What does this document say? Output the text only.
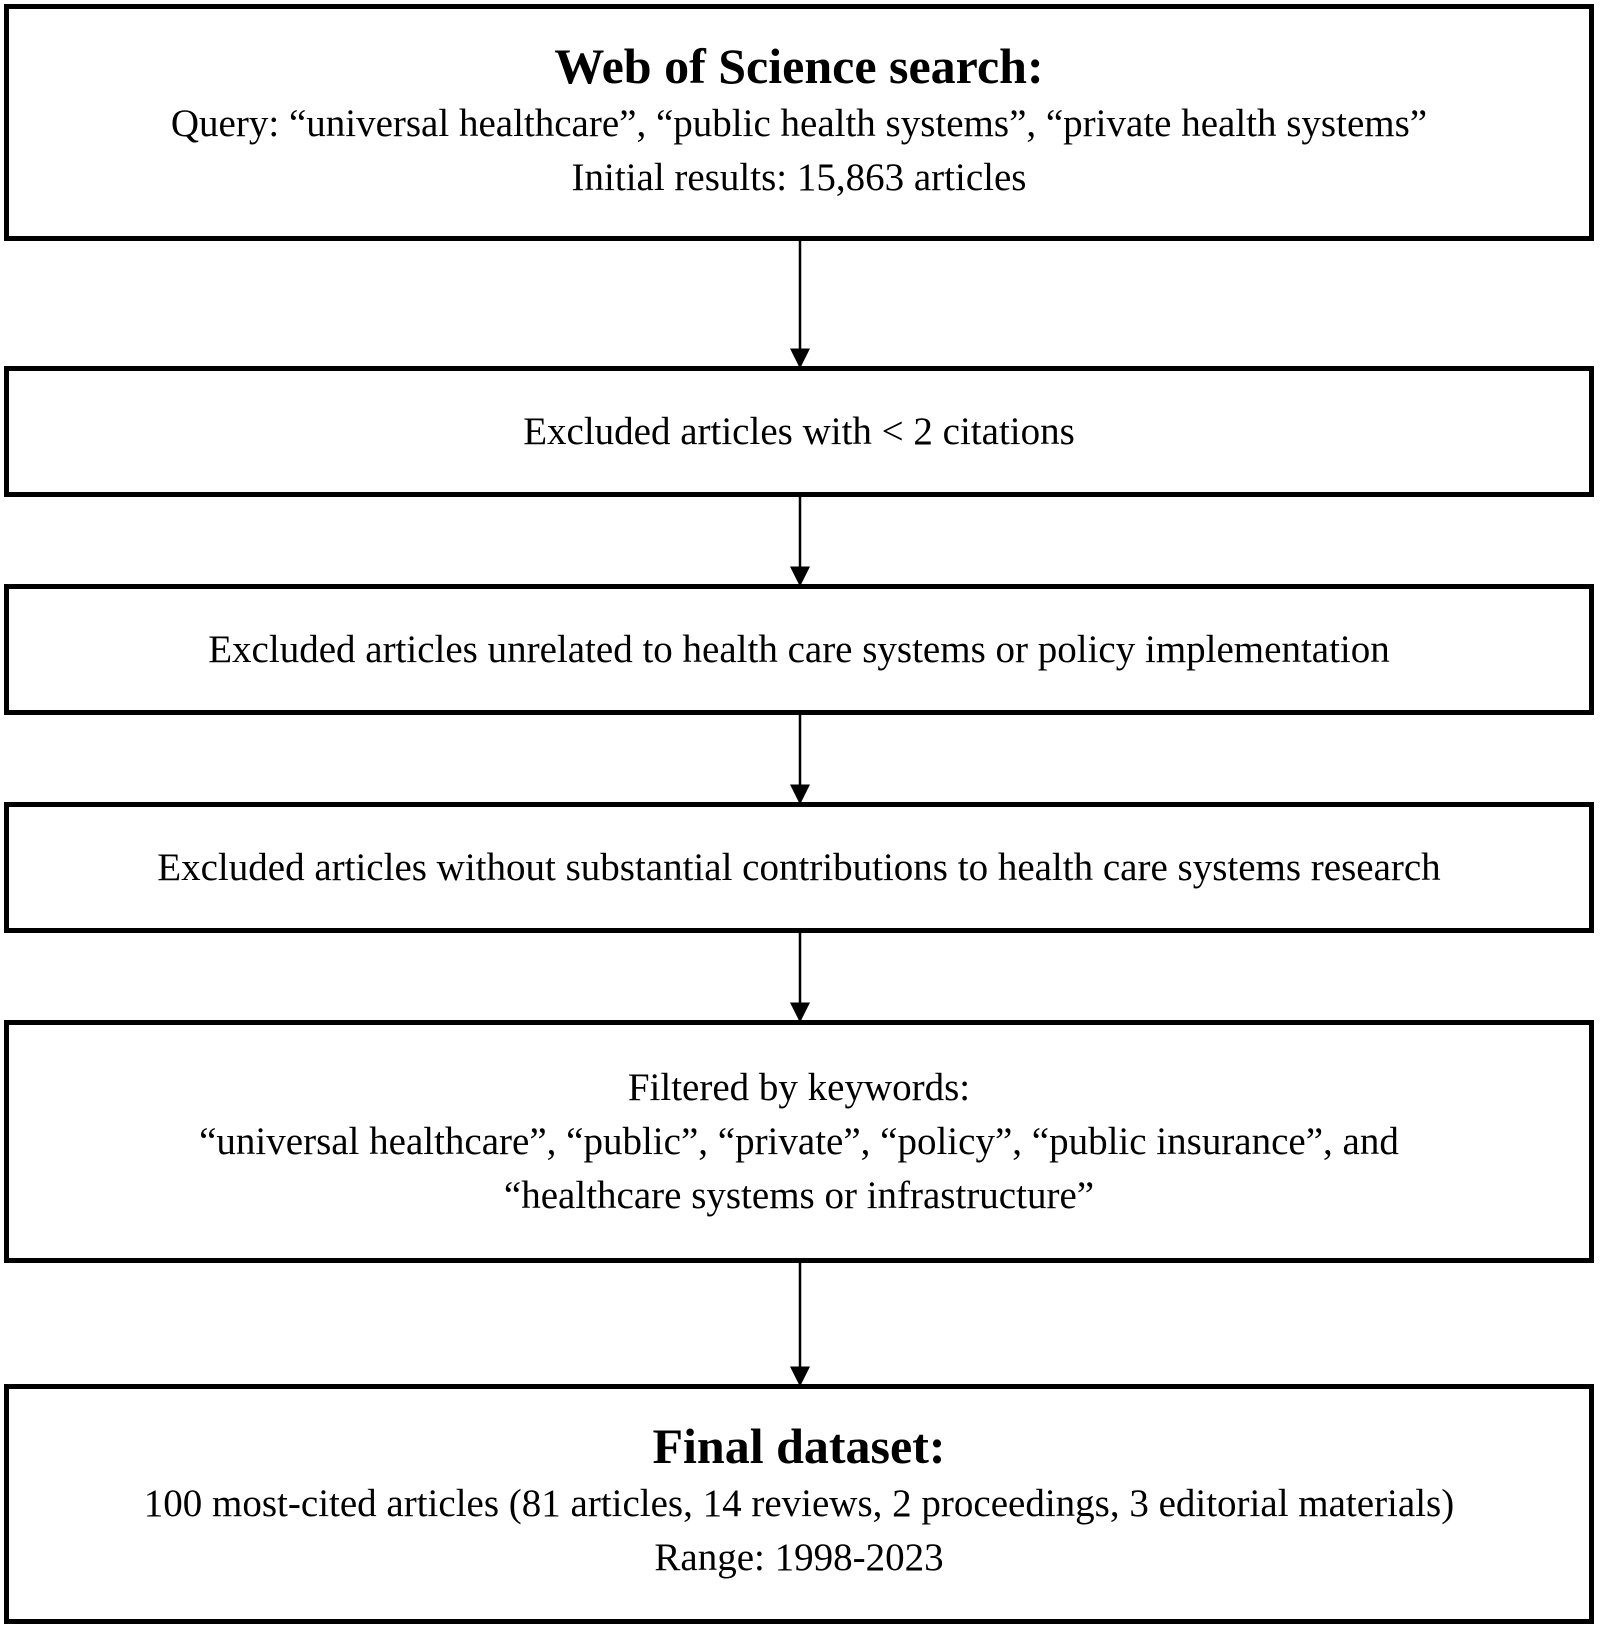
Web of Science search:
Query: “universal healthcare”, “public health systems”, “private health systems”
Initial results: 15,863 articles
Excluded articles with < 2 citations
Excluded articles unrelated to health care systems or policy implementation
Excluded articles without substantial contributions to health care systems research
Filtered by keywords:
“universal healthcare”, “public”, “private”, “policy”, “public insurance”, and
“healthcare systems or infrastructure”
Final dataset:
100 most-cited articles (81 articles, 14 reviews, 2 proceedings, 3 editorial materials)
Range: 1998-2023
